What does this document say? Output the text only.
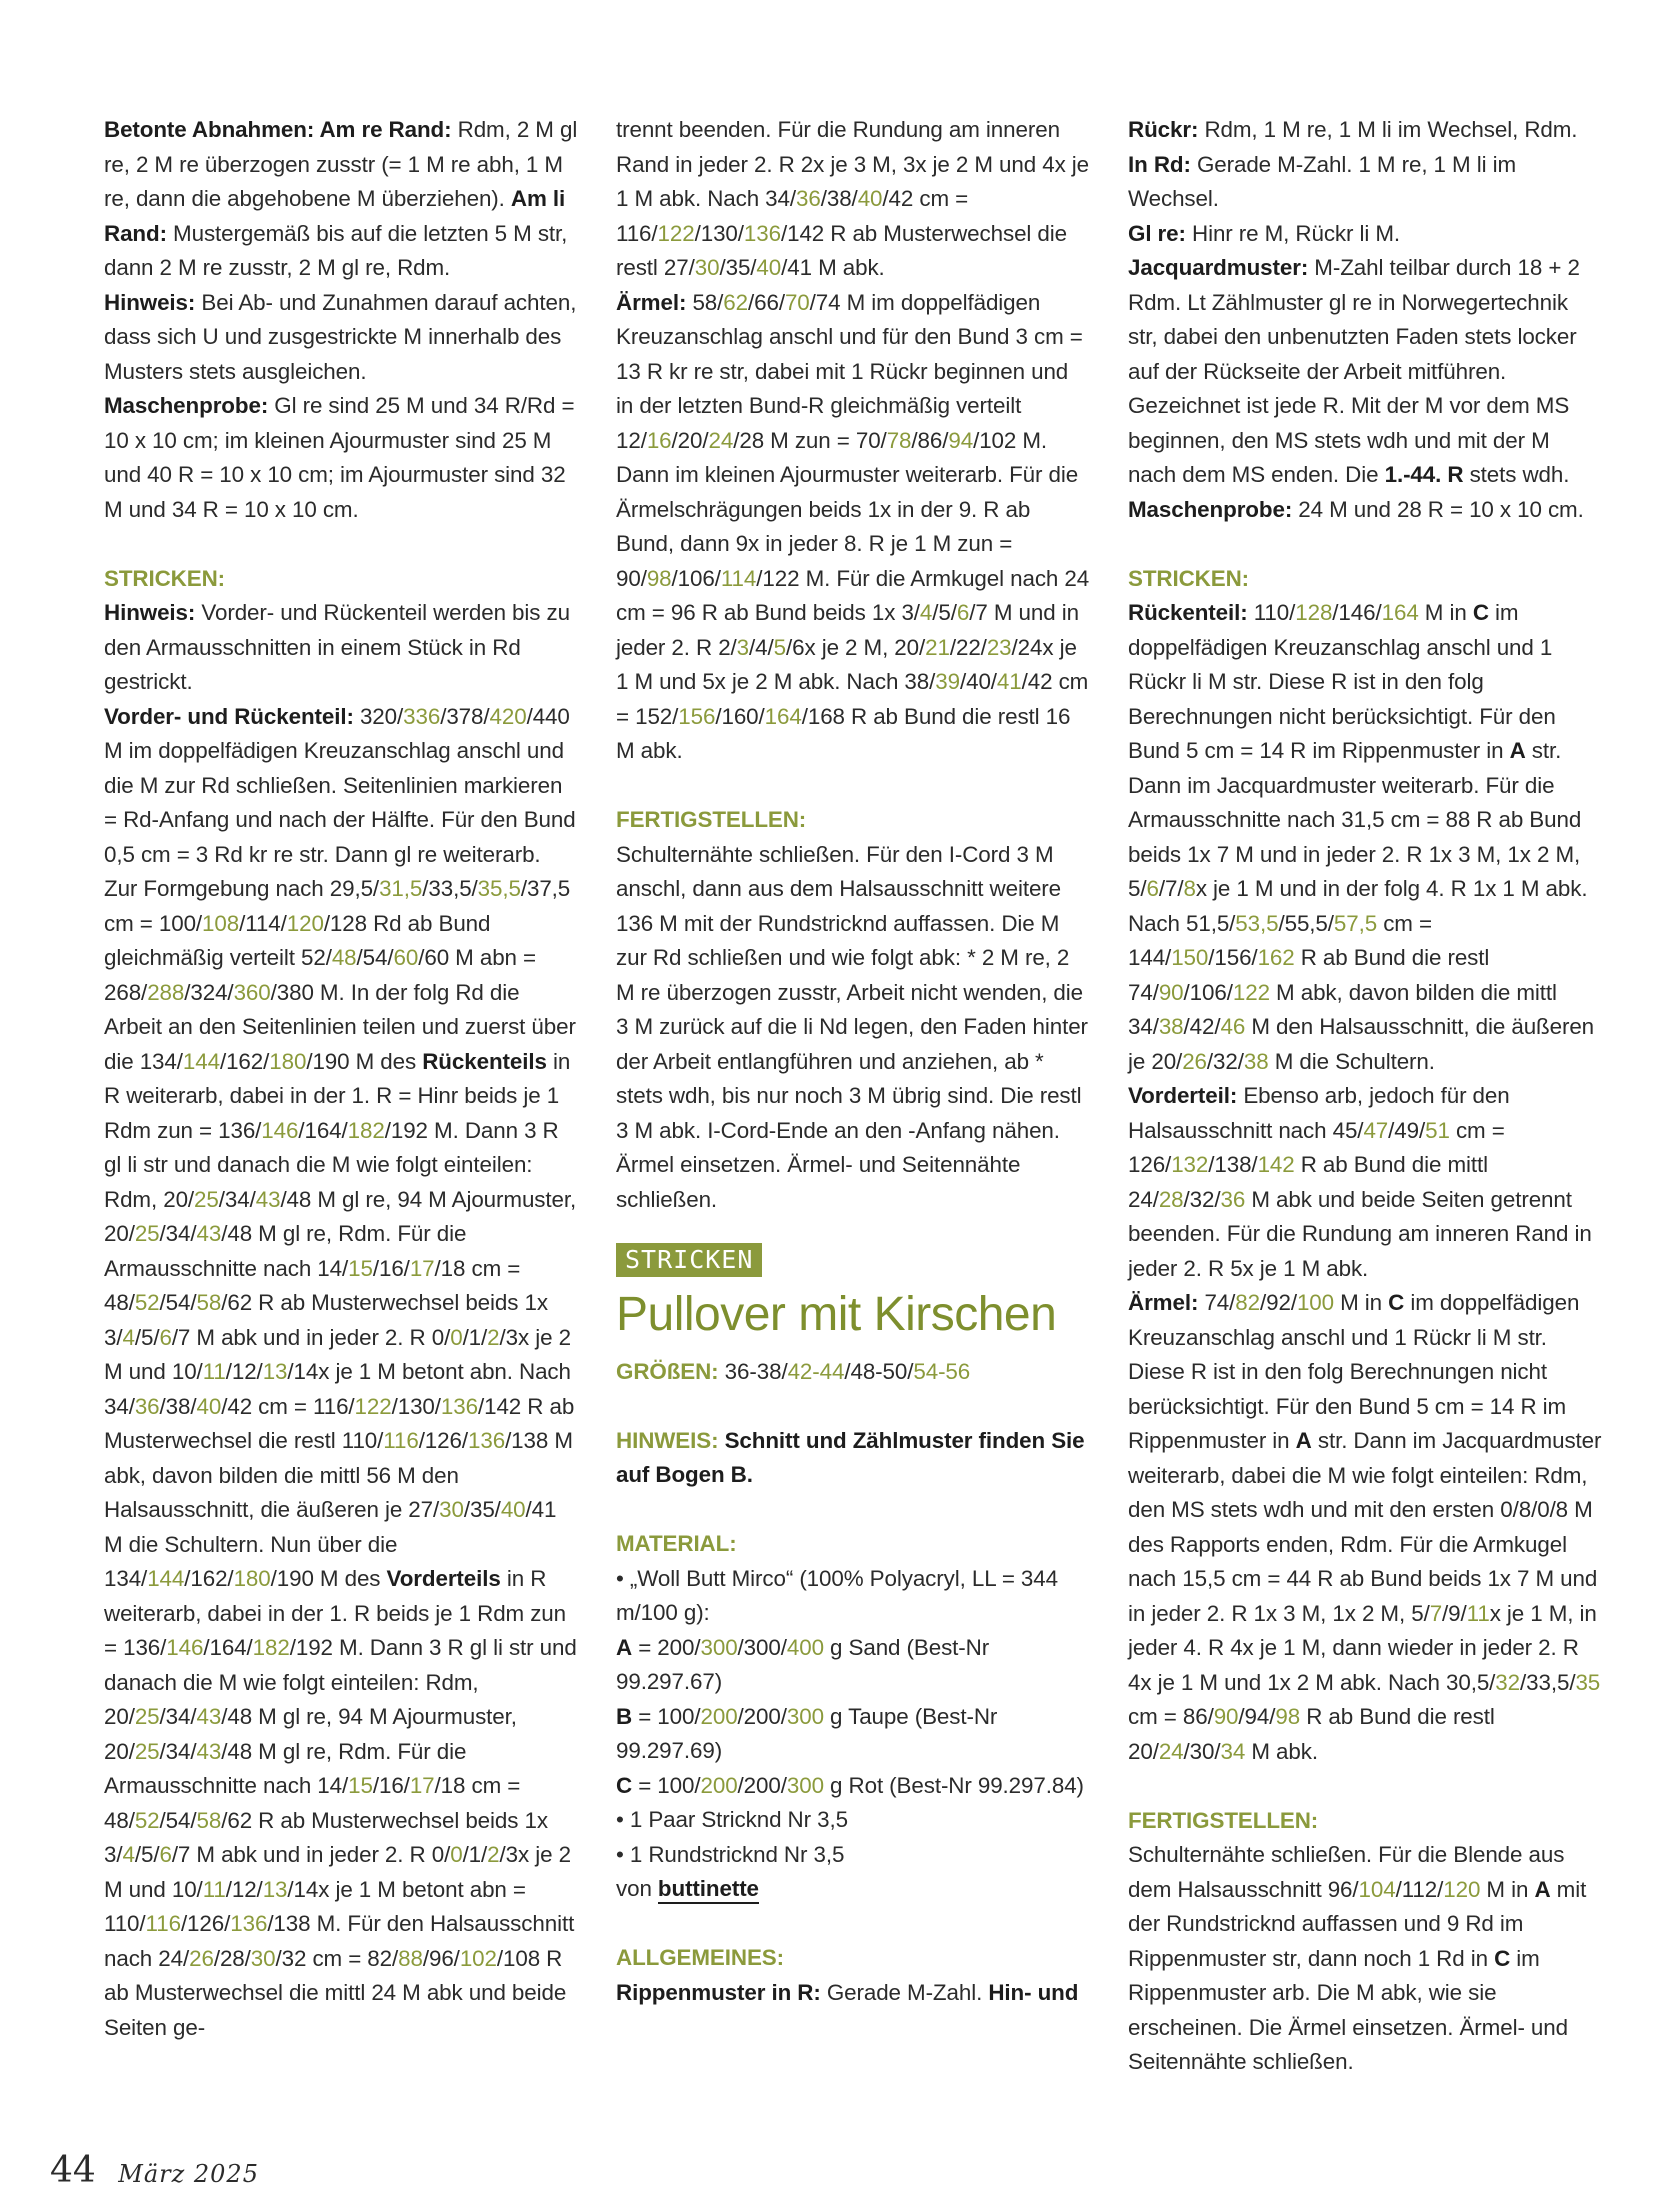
Betonte Abnahmen: Am re Rand: Rdm, 2 M gl re, 2 M re überzogen zusstr (= 1 M re abh, 1 M re, dann die abgehobene M überziehen). Am li Rand: Mustergemäß bis auf die letzten 5 M str, dann 2 M re zusstr, 2 M gl re, Rdm.

Hinweis: Bei Ab- und Zunahmen darauf achten, dass sich U und zusgestrickte M innerhalb des Musters stets ausgleichen.

Maschenprobe: Gl re sind 25 M und 34 R/Rd = 10 x 10 cm; im kleinen Ajourmuster sind 25 M und 40 R = 10 x 10 cm; im Ajourmuster sind 32 M und 34 R = 10 x 10 cm.

STRICKEN:

Hinweis: Vorder- und Rückenteil werden bis zu den Armausschnitten in einem Stück in Rd gestrickt.

Vorder- und Rückenteil: 320/336/378/420/440 M im doppelfädigen Kreuzanschlag anschl und die M zur Rd schließen. Seitenlinien markieren = Rd-Anfang und nach der Hälfte. Für den Bund 0,5 cm = 3 Rd kr re str. Dann gl re weiterarb. Zur Formgebung nach 29,5/31,5/33,5/35,5/37,5 cm = 100/108/114/120/128 Rd ab Bund gleichmäßig verteilt 52/48/54/60/60 M abn = 268/288/324/360/380 M. In der folg Rd die Arbeit an den Seitenlinien teilen und zuerst über die 134/144/162/180/190 M des Rückenteils in R weiterarb, dabei in der 1. R = Hinr beids je 1 Rdm zun = 136/146/164/182/192 M. Dann 3 R gl li str und danach die M wie folgt einteilen: Rdm, 20/25/34/43/48 M gl re, 94 M Ajourmuster, 20/25/34/43/48 M gl re, Rdm. Für die Armausschnitte nach 14/15/16/17/18 cm = 48/52/54/58/62 R ab Musterwechsel beids 1x 3/4/5/6/7 M abk und in jeder 2. R 0/0/1/2/3x je 2 M und 10/11/12/13/14x je 1 M betont abn. Nach 34/36/38/40/42 cm = 116/122/130/136/142 R ab Musterwechsel die restl 110/116/126/136/138 M abk, davon bilden die mittl 56 M den Halsausschnitt, die äußeren je 27/30/35/40/41 M die Schultern. Nun über die 134/144/162/180/190 M des Vorderteils in R weiterarb, dabei in der 1. R beids je 1 Rdm zun = 136/146/164/182/192 M. Dann 3 R gl li str und danach die M wie folgt einteilen: Rdm, 20/25/34/43/48 M gl re, 94 M Ajourmuster, 20/25/34/43/48 M gl re, Rdm. Für die Armausschnitte nach 14/15/16/17/18 cm = 48/52/54/58/62 R ab Musterwechsel beids 1x 3/4/5/6/7 M abk und in jeder 2. R 0/0/1/2/3x je 2 M und 10/11/12/13/14x je 1 M betont abn = 110/116/126/136/138 M. Für den Halsausschnitt nach 24/26/28/30/32 cm = 82/88/96/102/108 R ab Musterwechsel die mittl 24 M abk und beide Seiten ge-

trennt beenden. Für die Rundung am inneren Rand in jeder 2. R 2x je 3 M, 3x je 2 M und 4x je 1 M abk. Nach 34/36/38/40/42 cm = 116/122/130/136/142 R ab Musterwechsel die restl 27/30/35/40/41 M abk.

Ärmel: 58/62/66/70/74 M im doppelfädigen Kreuzanschlag anschl und für den Bund 3 cm = 13 R kr re str, dabei mit 1 Rückr beginnen und in der letzten Bund-R gleichmäßig verteilt 12/16/20/24/28 M zun = 70/78/86/94/102 M. Dann im kleinen Ajourmuster weiterarb. Für die Ärmelschrägungen beids 1x in der 9. R ab Bund, dann 9x in jeder 8. R je 1 M zun = 90/98/106/114/122 M. Für die Armkugel nach 24 cm = 96 R ab Bund beids 1x 3/4/5/6/7 M und in jeder 2. R 2/3/4/5/6x je 2 M, 20/21/22/23/24x je 1 M und 5x je 2 M abk. Nach 38/39/40/41/42 cm = 152/156/160/164/168 R ab Bund die restl 16 M abk.

FERTIGSTELLEN:

Schulternähte schließen. Für den I-Cord 3 M anschl, dann aus dem Halsausschnitt weitere 136 M mit der Rundstricknd auffassen. Die M zur Rd schließen und wie folgt abk: * 2 M re, 2 M re überzogen zusstr, Arbeit nicht wenden, die 3 M zurück auf die li Nd legen, den Faden hinter der Arbeit entlangführen und anziehen, ab * stets wdh, bis nur noch 3 M übrig sind. Die restl 3 M abk. I-Cord-Ende an den -Anfang nähen. Ärmel einsetzen. Ärmel- und Seitennähte schließen.

STRICKEN
Pullover mit Kirschen

GRÖßEN: 36-38/42-44/48-50/54-56

HINWEIS: Schnitt und Zählmuster finden Sie auf Bogen B.

MATERIAL:

• „Woll Butt Mirco“ (100% Polyacryl, LL = 344 m/100 g):

A = 200/300/300/400 g Sand (Best-Nr 99.297.67)

B = 100/200/200/300 g Taupe (Best-Nr 99.297.69)

C = 100/200/200/300 g Rot (Best-Nr 99.297.84)

• 1 Paar Stricknd Nr 3,5

• 1 Rundstricknd Nr 3,5

von buttinette

ALLGEMEINES:

Rippenmuster in R: Gerade M-Zahl. Hin- und

Rückr: Rdm, 1 M re, 1 M li im Wechsel, Rdm.

In Rd: Gerade M-Zahl. 1 M re, 1 M li im Wechsel.

Gl re: Hinr re M, Rückr li M.

Jacquardmuster: M-Zahl teilbar durch 18 + 2 Rdm. Lt Zählmuster gl re in Norwegertechnik str, dabei den unbenutzten Faden stets locker auf der Rückseite der Arbeit mitführen. Gezeichnet ist jede R. Mit der M vor dem MS beginnen, den MS stets wdh und mit der M nach dem MS enden. Die 1.-44. R stets wdh.

Maschenprobe: 24 M und 28 R = 10 x 10 cm.

STRICKEN:

Rückenteil: 110/128/146/164 M in C im doppelfädigen Kreuzanschlag anschl und 1 Rückr li M str. Diese R ist in den folg Berechnungen nicht berücksichtigt. Für den Bund 5 cm = 14 R im Rippenmuster in A str. Dann im Jacquardmuster weiterarb. Für die Armausschnitte nach 31,5 cm = 88 R ab Bund beids 1x 7 M und in jeder 2. R 1x 3 M, 1x 2 M, 5/6/7/8x je 1 M und in der folg 4. R 1x 1 M abk. Nach 51,5/53,5/55,5/57,5 cm = 144/150/156/162 R ab Bund die restl 74/90/106/122 M abk, davon bilden die mittl 34/38/42/46 M den Halsausschnitt, die äußeren je 20/26/32/38 M die Schultern.

Vorderteil: Ebenso arb, jedoch für den Halsausschnitt nach 45/47/49/51 cm = 126/132/138/142 R ab Bund die mittl 24/28/32/36 M abk und beide Seiten getrennt beenden. Für die Rundung am inneren Rand in jeder 2. R 5x je 1 M abk.

Ärmel: 74/82/92/100 M in C im doppelfädigen Kreuzanschlag anschl und 1 Rückr li M str. Diese R ist in den folg Berechnungen nicht berücksichtigt. Für den Bund 5 cm = 14 R im Rippenmuster in A str. Dann im Jacquardmuster weiterarb, dabei die M wie folgt einteilen: Rdm, den MS stets wdh und mit den ersten 0/8/0/8 M des Rapports enden, Rdm. Für die Armkugel nach 15,5 cm = 44 R ab Bund beids 1x 7 M und in jeder 2. R 1x 3 M, 1x 2 M, 5/7/9/11x je 1 M, in jeder 4. R 4x je 1 M, dann wieder in jeder 2. R 4x je 1 M und 1x 2 M abk. Nach 30,5/32/33,5/35 cm = 86/90/94/98 R ab Bund die restl 20/24/30/34 M abk.

FERTIGSTELLEN:

Schulternähte schließen. Für die Blende aus dem Halsausschnitt 96/104/112/120 M in A mit der Rundstricknd auffassen und 9 Rd im Rippenmuster str, dann noch 1 Rd in C im Rippenmuster arb. Die M abk, wie sie erscheinen. Die Ärmel einsetzen. Ärmel- und Seitennähte schließen.

44 März 2025
